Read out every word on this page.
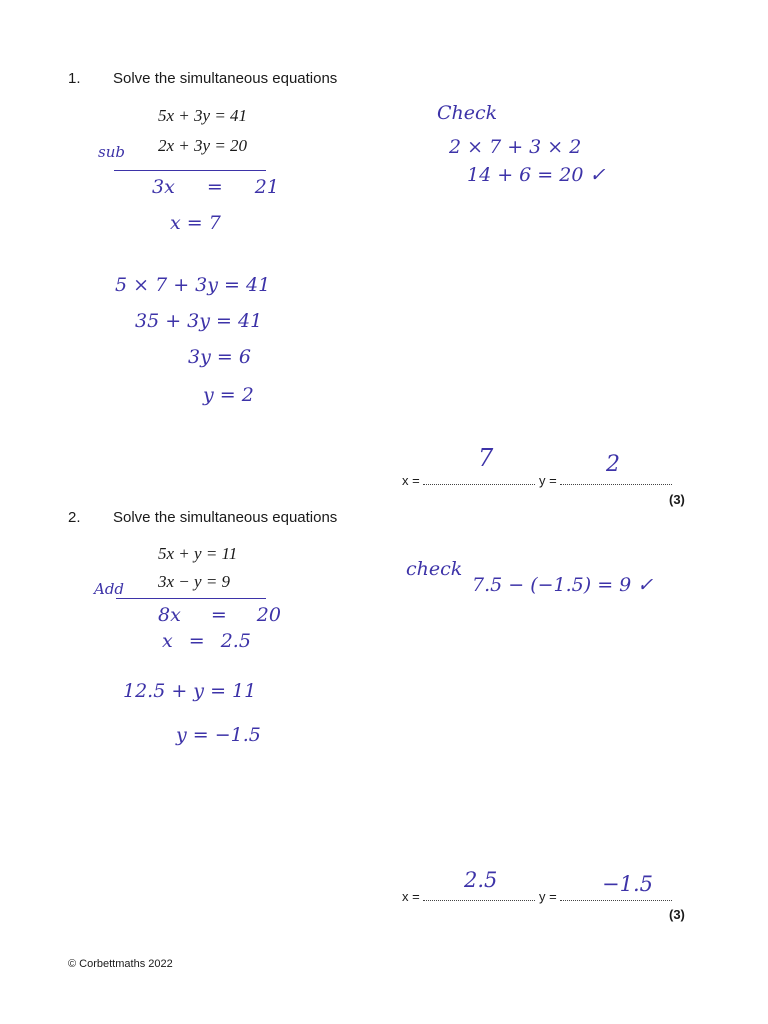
1. Solve the simultaneous equations
5x + 3y = 41
2x + 3y = 20
sub
3x = 21
x = 7
5 × 7 + 3y = 41
35 + 3y = 41
3y = 6
y = 2
Check
2 × 7 + 3 × 2
14 + 6 = 20 ✓
x =	y =
7	2
(3)
2. Solve the simultaneous equations
5x + y = 11
3x − y = 9
Add
8x = 20
x = 2.5
12.5 + y = 11
y = −1.5
check
7.5 − (−1.5) = 9 ✓
x =	y =
2.5	−1.5
(3)
© Corbettmaths 2022
